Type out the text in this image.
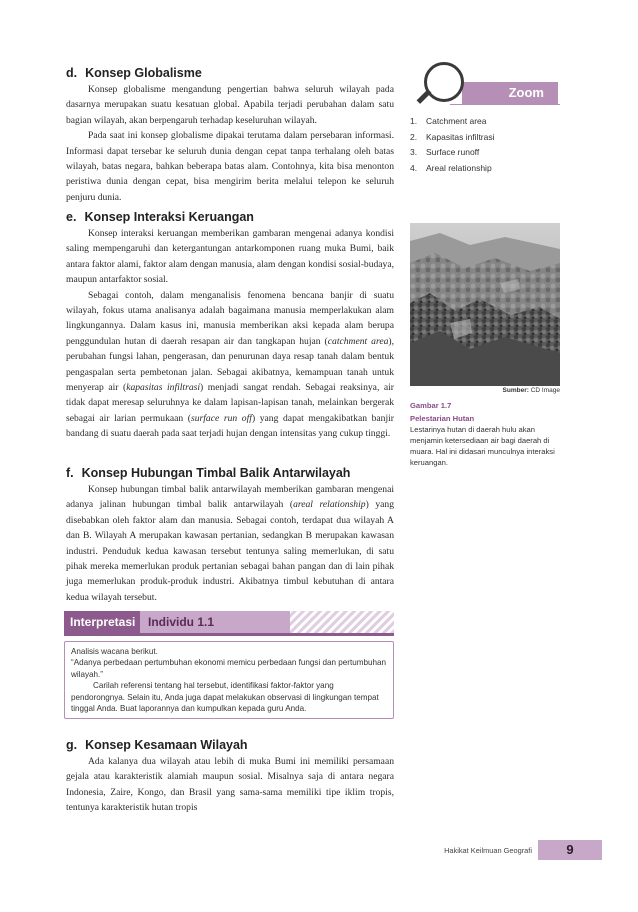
d. Konsep Globalisme

Konsep globalisme mengandung pengertian bahwa seluruh wilayah pada dasarnya merupakan suatu kesatuan global. Apabila terjadi perubahan dalam satu bagian wilayah, akan berpengaruh terhadap keseluruhan wilayah.

Pada saat ini konsep globalisme dipakai terutama dalam persebaran informasi. Informasi dapat tersebar ke seluruh dunia dengan cepat tanpa terhalang oleh batas wilayah, batas negara, bahkan beberapa batas alam. Contohnya, kita bisa menonton peristiwa dunia dengan cepat, bisa mengirim berita melalui telepon ke seluruh penjuru dunia.

e. Konsep Interaksi Keruangan

Konsep interaksi keruangan memberikan gambaran mengenai adanya kondisi saling mempengaruhi dan ketergantungan antarkomponen ruang muka Bumi, baik antara faktor alami, faktor alam dengan manusia, alam dengan kondisi sosial-budaya, maupun antarfaktor sosial.

Sebagai contoh, dalam menganalisis fenomena bencana banjir di suatu wilayah, fokus utama analisanya adalah bagaimana manusia memperlakukan alam lingkungannya. Dalam kasus ini, manusia memberikan aksi kepada alam berupa penggundulan hutan di daerah resapan air dan tangkapan hujan (catchment area), perubahan fungsi lahan, pengerasan, dan penurunan daya resap tanah dalam bentuk pengaspalan serta pembetonan jalan. Sebagai akibatnya, kemampuan tanah untuk menyerap air (kapasitas infiltrasi) menjadi sangat rendah. Sebagai reaksinya, air tidak dapat meresap seluruhnya ke dalam lapisan-lapisan tanah, melainkan bergerak sebagai air larian permukaan (surface run off) yang dapat mengakibatkan banjir bandang di suatu daerah pada saat terjadi hujan dengan intensitas yang cukup tinggi.

f. Konsep Hubungan Timbal Balik Antarwilayah

Konsep hubungan timbal balik antarwilayah memberikan gambaran mengenai adanya jalinan hubungan timbal balik antarwilayah (areal relationship) yang disebabkan oleh faktor alam dan manusia. Sebagai contoh, terdapat dua wilayah A dan B. Wilayah A merupakan kawasan pertanian, sedangkan B merupakan kawasan industri. Penduduk kedua kawasan tersebut tentunya saling memerlukan, di satu pihak mereka memerlukan produk pertanian sebagai bahan pangan dan di lain pihak juga memerlukan produk-produk industri. Akibatnya timbul kebutuhan di antara kedua wilayah tersebut.

Interpretasi	Individu 1.1

Analisis wacana berikut.

“Adanya perbedaan pertumbuhan ekonomi memicu perbedaan fungsi dan pertumbuhan wilayah.”

Carilah referensi tentang hal tersebut, identifikasi faktor-faktor yang pendorongnya. Selain itu, Anda juga dapat melakukan observasi di lingkungan tempat tinggal Anda. Buat laporannya dan kumpulkan kepada guru Anda.

g. Konsep Kesamaan Wilayah

Ada kalanya dua wilayah atau lebih di muka Bumi ini memiliki persamaan gejala atau karakteristik alamiah maupun sosial. Misalnya saja di antara negara Indonesia, Zaire, Kongo, dan Brasil yang sama-sama memiliki tipe iklim tropis, tentunya karakteristik hutan tropis

Zoom
1. Catchment area
2. Kapasitas infiltrasi
3. Surface runoff
4. Areal relationship
Sumber: CD Image
Gambar 1.7
Pelestarian Hutan
Lestarinya hutan di daerah hulu akan menjamin ketersediaan air bagi daerah di muara. Hal ini didasari munculnya interaksi keruangan.
Hakikat Keilmuan Geografi	9
